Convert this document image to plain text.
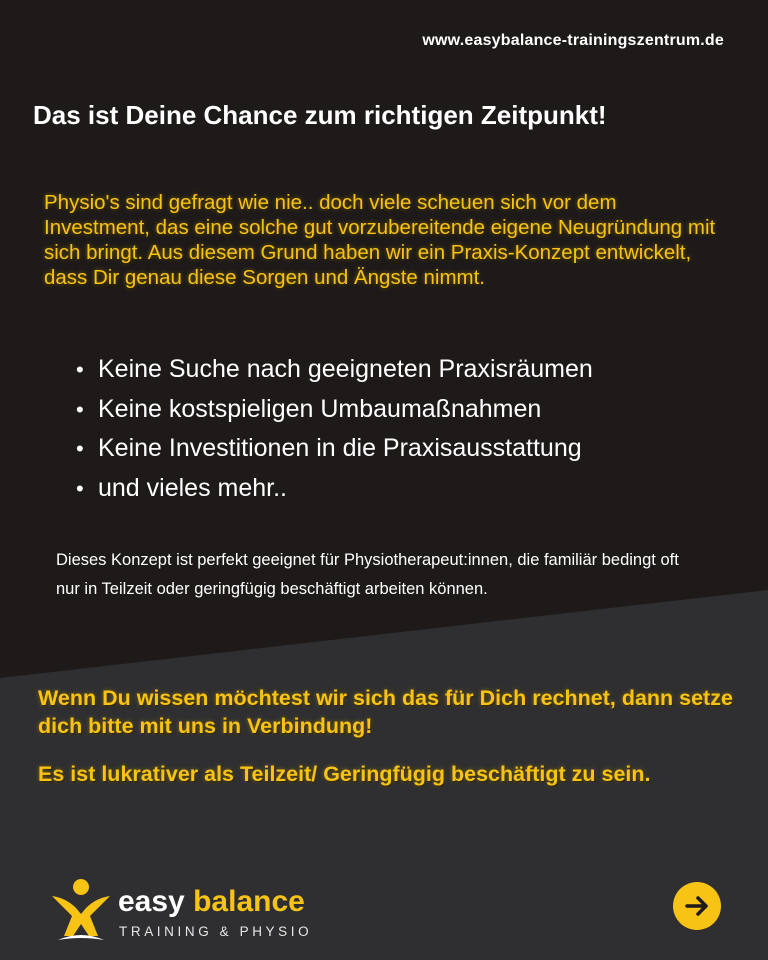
www.easybalance-trainingszentrum.de
Das ist Deine Chance zum richtigen Zeitpunkt!
Physio's sind gefragt wie nie.. doch viele scheuen sich vor dem Investment, das eine solche gut vorzubereitende eigene Neugründung mit sich bringt. Aus diesem Grund haben wir ein Praxis-Konzept entwickelt, dass Dir genau diese Sorgen und Ängste nimmt.
• Keine Suche nach geeigneten Praxisräumen
• Keine kostspieligen Umbaumaßnahmen
• Keine Investitionen in die Praxisausstattung
• und vieles mehr..
Dieses Konzept ist perfekt geeignet für Physiotherapeut:innen, die familiär bedingt oft nur in Teilzeit oder geringfügig beschäftigt arbeiten können.

Wenn Du wissen möchtest wir sich das für Dich rechnet, dann setze dich bitte mit uns in Verbindung!

Es ist lukrativer als Teilzeit/ Geringfügig beschäftigt zu sein.

easy balance
TRAINING & PHYSIO
